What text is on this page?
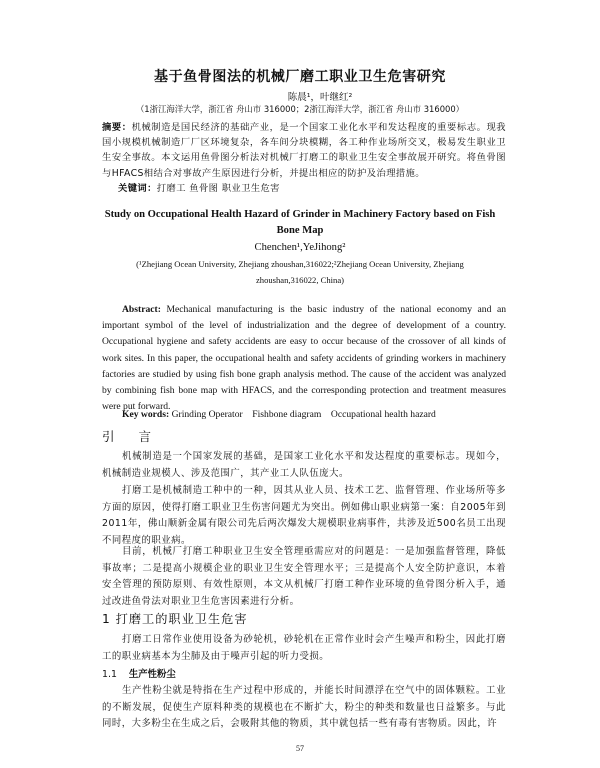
基于鱼骨图法的机械厂磨工职业卫生危害研究
陈晨¹，叶继红²
（1浙江海洋大学，浙江省 舟山市 316000；2浙江海洋大学，浙江省 舟山市 316000）
摘要：机械制造是国民经济的基础产业，是一个国家工业化水平和发达程度的重要标志。现我国小规模机械制造厂厂区环境复杂，各车间分块模糊，各工种作业场所交叉，极易发生职业卫生安全事故。本文运用鱼骨图分析法对机械厂打磨工的职业卫生安全事故展开研究。将鱼骨图与HFACS相结合对事故产生原因进行分析，并提出相应的防护及治理措施。
关键词：打磨工 鱼骨图 职业卫生危害
Study on Occupational Health Hazard of Grinder in Machinery Factory based on Fish
Bone Map
Chenchen¹,YeJihong²
(¹Zhejiang Ocean University, Zhejiang zhoushan,316022;²Zhejiang Ocean University, Zhejiang
zhoushan,316022, China)
Abstract: Mechanical manufacturing is the basic industry of the national economy and an important symbol of the level of industrialization and the degree of development of a country. Occupational hygiene and safety accidents are easy to occur because of the crossover of all kinds of work sites. In this paper, the occupational health and safety accidents of grinding workers in machinery factories are studied by using fish bone graph analysis method. The cause of the accident was analyzed by combining fish bone map with HFACS, and the corresponding protection and treatment measures were put forward.
Key words: Grinding Operator    Fishbone diagram    Occupational health hazard
引 言

机械制造是一个国家发展的基础，是国家工业化水平和发达程度的重要标志。现如今，机械制造业规模人、涉及范围广，其产业工人队伍庞大。

打磨工是机械制造工种中的一种，因其从业人员、技术工艺、监督管理、作业场所等多方面的原因，使得打磨工职业卫生伤害问题尤为突出。例如佛山职业病第一案：自2005年到2011年，佛山顺新金属有限公司先后两次爆发大规模职业病事件，共涉及近500名员工出现不同程度的职业病。

目前，机械厂打磨工种职业卫生安全管理亟需应对的问题是：一是加强监督管理，降低事故率；二是提高小规模企业的职业卫生安全管理水平；三是提高个人安全防护意识，本着安全管理的预防原则、有效性原则，本文从机械厂打磨工种作业环境的鱼骨图分析入手，通过改进鱼骨法对职业卫生危害因素进行分析。

1 打磨工的职业卫生危害

打磨工日常作业使用设备为砂轮机，砂轮机在正常作业时会产生噪声和粉尘，因此打磨工的职业病基本为尘肺及由于噪声引起的听力受损。

1.1 生产性粉尘

生产性粉尘就是特指在生产过程中形成的，并能长时间漂浮在空气中的固体颗粒。工业的不断发展，促使生产原料种类的规模也在不断扩大，粉尘的种类和数量也日益繁多。与此同时，大多粉尘在生成之后，会吸附其他的物质，其中就包括一些有毒有害物质。因此，许

57
